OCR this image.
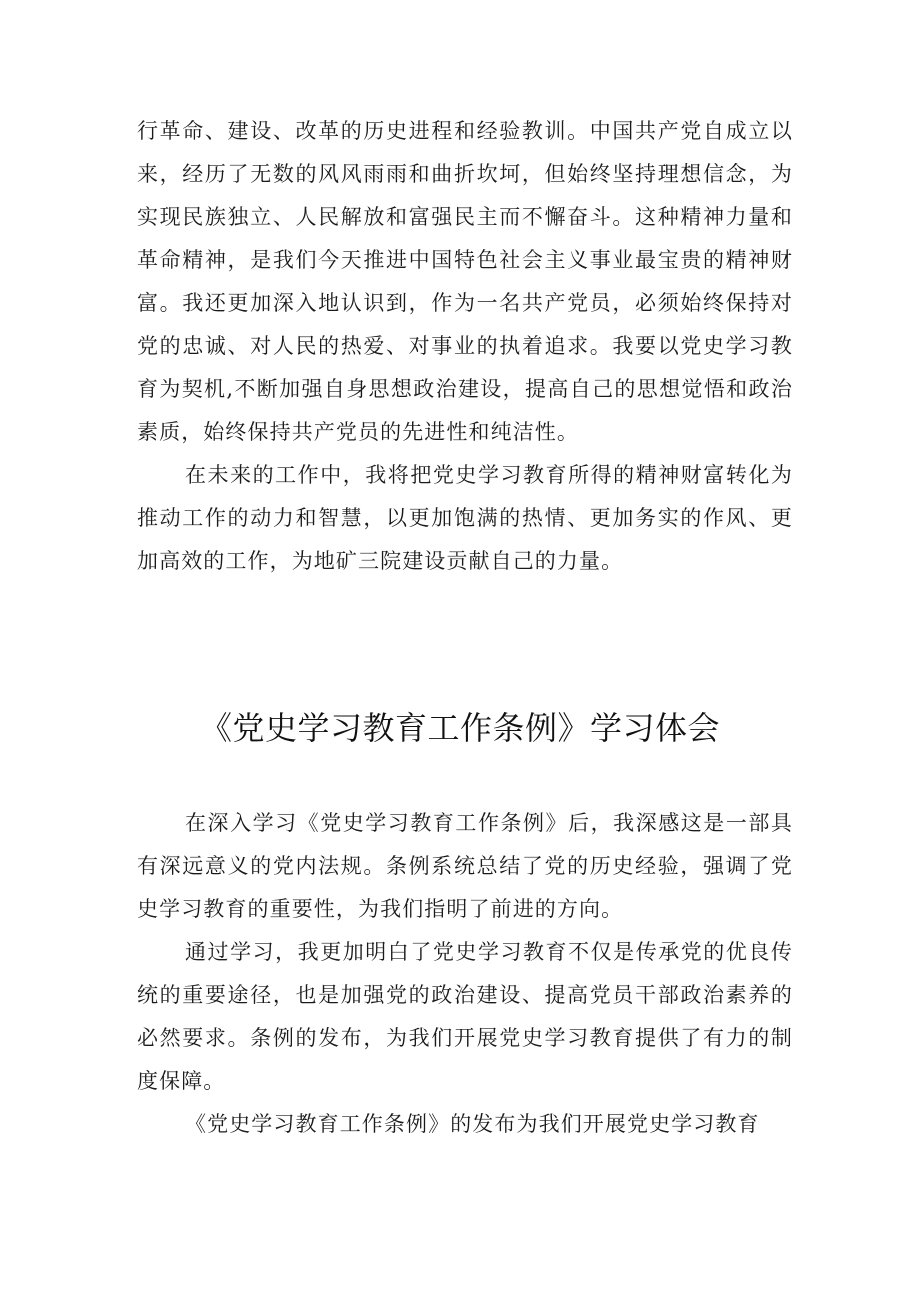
行革命、建设、改革的历史进程和经验教训。中国共产党自成立以来，经历了无数的风风雨雨和曲折坎坷，但始终坚持理想信念，为实现民族独立、人民解放和富强民主而不懈奋斗。这种精神力量和革命精神，是我们今天推进中国特色社会主义事业最宝贵的精神财富。我还更加深入地认识到，作为一名共产党员，必须始终保持对党的忠诚、对人民的热爱、对事业的执着追求。我要以党史学习教育为契机,不断加强自身思想政治建设，提高自己的思想觉悟和政治素质，始终保持共产党员的先进性和纯洁性。

在未来的工作中，我将把党史学习教育所得的精神财富转化为推动工作的动力和智慧，以更加饱满的热情、更加务实的作风、更加高效的工作，为地矿三院建设贡献自己的力量。

《党史学习教育工作条例》学习体会

在深入学习《党史学习教育工作条例》后，我深感这是一部具有深远意义的党内法规。条例系统总结了党的历史经验，强调了党史学习教育的重要性，为我们指明了前进的方向。

通过学习，我更加明白了党史学习教育不仅是传承党的优良传统的重要途径，也是加强党的政治建设、提高党员干部政治素养的必然要求。条例的发布，为我们开展党史学习教育提供了有力的制度保障。

《党史学习教育工作条例》的发布为我们开展党史学习教育
